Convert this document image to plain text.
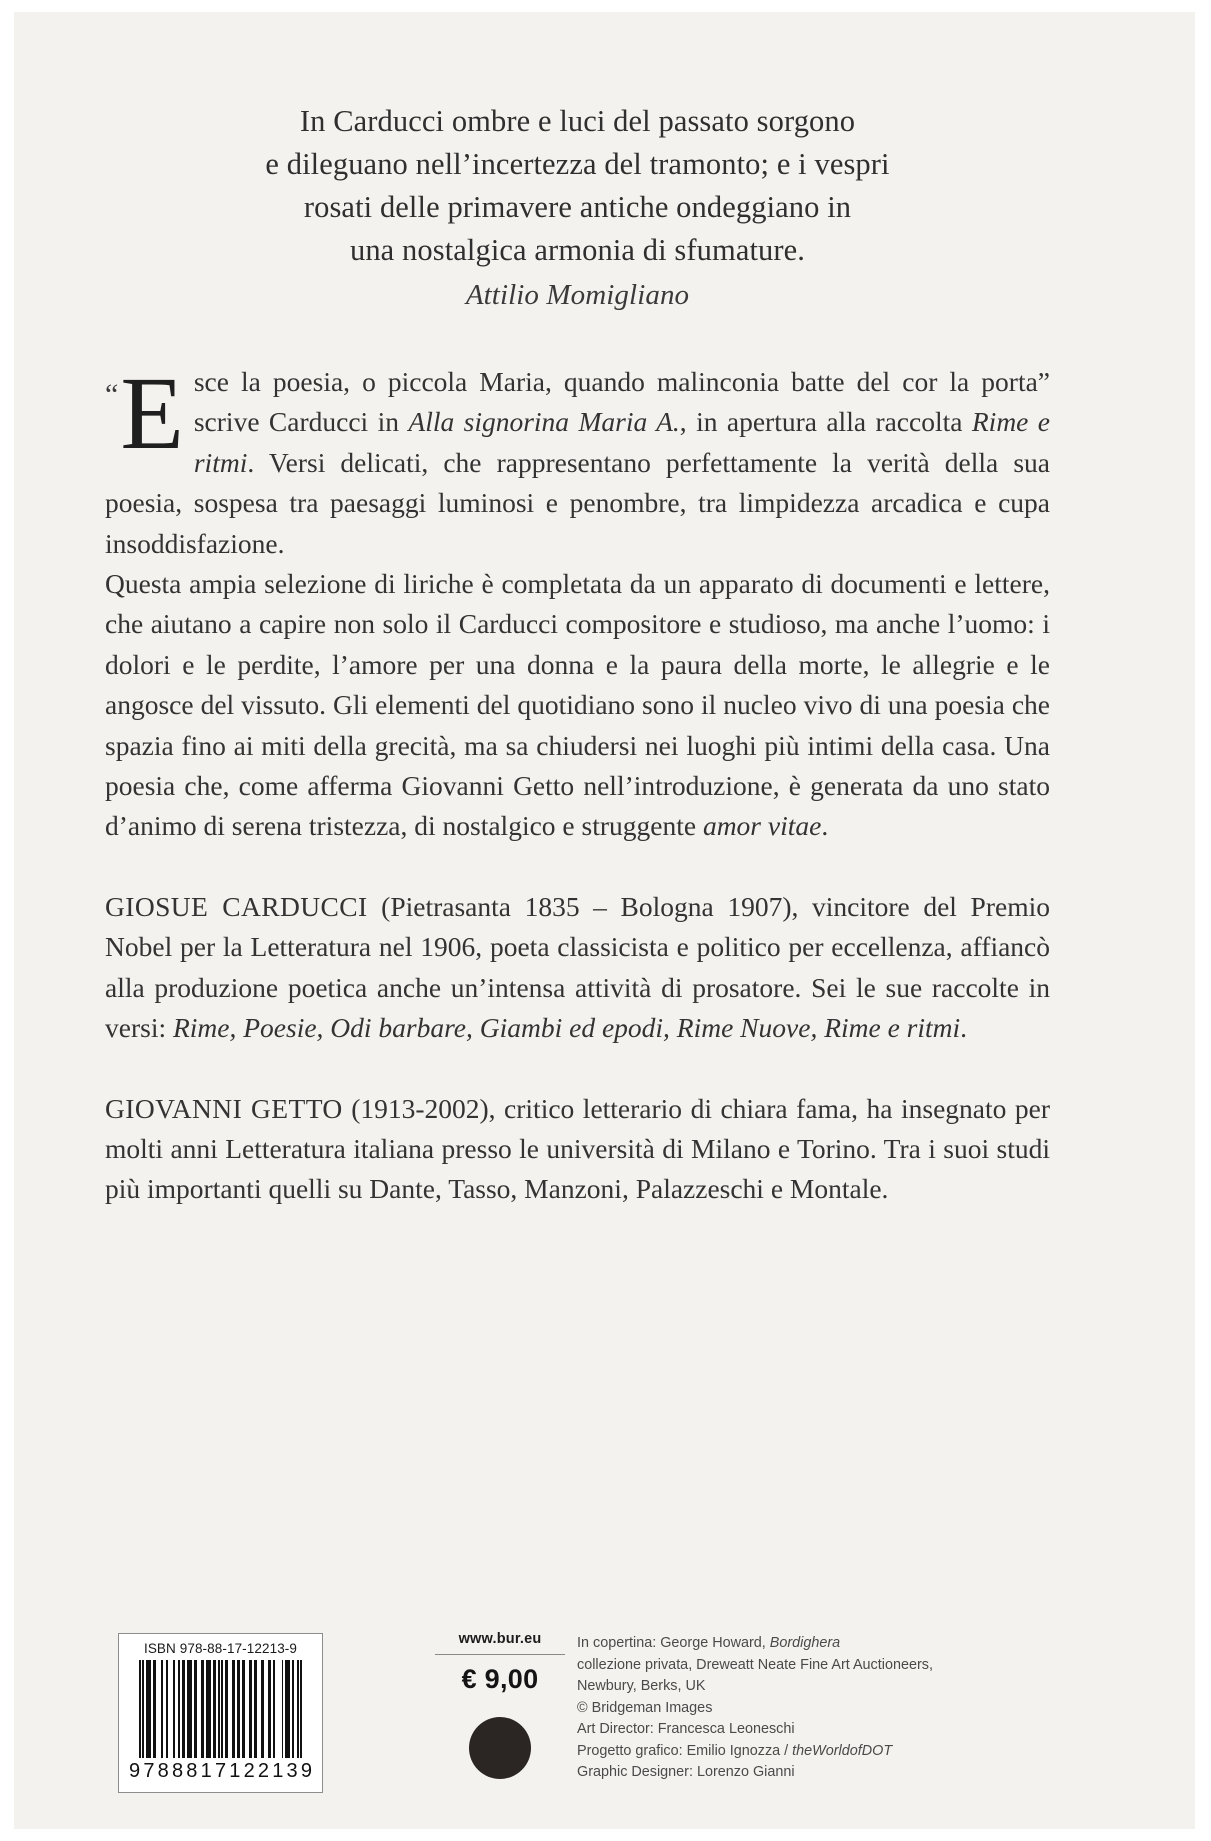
In Carducci ombre e luci del passato sorgono
e dileguano nell’incertezza del tramonto; e i vespri
rosati delle primavere antiche ondeggiano in
una nostalgica armonia di sfumature.
Attilio Momigliano

“ E sce la poesia, o piccola Maria, quando malinconia batte del cor la porta” scrive Carducci in Alla signorina Maria A., in apertura alla raccolta Rime e ritmi. Versi delicati, che rappresentano perfettamente la verità della sua poesia, sospesa tra paesaggi luminosi e penombre, tra limpidezza arcadica e cupa insoddisfazione.

Questa ampia selezione di liriche è completata da un apparato di documenti e lettere, che aiutano a capire non solo il Carducci compositore e studioso, ma anche l’uomo: i dolori e le perdite, l’amore per una donna e la paura della morte, le allegrie e le angosce del vissuto. Gli elementi del quotidiano sono il nucleo vivo di una poesia che spazia fino ai miti della grecità, ma sa chiudersi nei luoghi più intimi della casa. Una poesia che, come afferma Giovanni Getto nell’introduzione, è generata da uno stato d’animo di serena tristezza, di nostalgico e struggente amor vitae.

GIOSUE CARDUCCI (Pietrasanta 1835 – Bologna 1907), vincitore del Premio Nobel per la Letteratura nel 1906, poeta classicista e politico per eccellenza, affiancò alla produzione poetica anche un’intensa attività di prosatore. Sei le sue raccolte in versi: Rime, Poesie, Odi barbare, Giambi ed epodi, Rime Nuove, Rime e ritmi.
GIOVANNI GETTO (1913-2002), critico letterario di chiara fama, ha insegnato per molti anni Letteratura italiana presso le università di Milano e Torino. Tra i suoi studi più importanti quelli su Dante, Tasso, Manzoni, Palazzeschi e Montale.
ISBN 978-88-17-12213-9
9788817122139
www.bur.eu
€ 9,00
In copertina: George Howard, Bordighera
collezione privata, Dreweatt Neate Fine Art Auctioneers,
Newbury, Berks, UK
© Bridgeman Images
Art Director: Francesca Leoneschi
Progetto grafico: Emilio Ignozza / theWorldofDOT
Graphic Designer: Lorenzo Gianni
